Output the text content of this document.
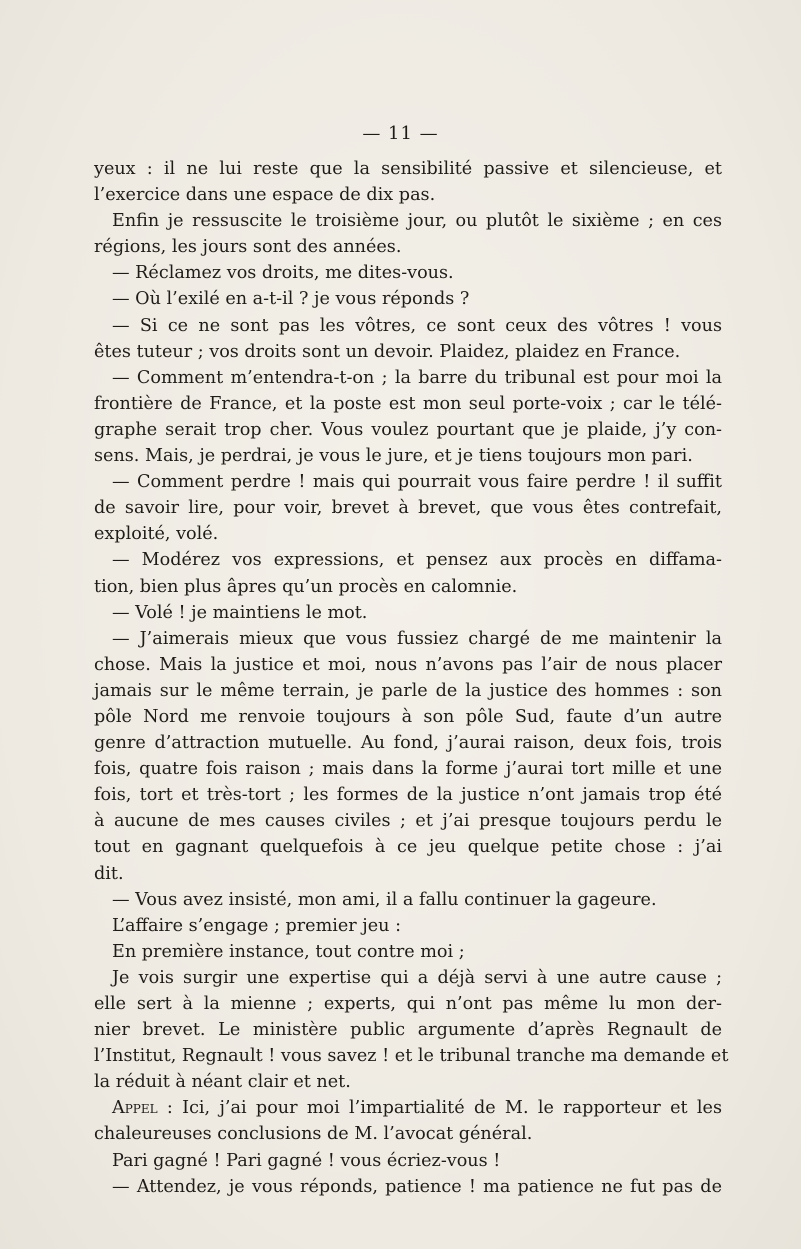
— 11 —
yeux : il ne lui reste que la sensibilité passive et silencieuse, et
l’exercice dans une espace de dix pas.
Enfin je ressuscite le troisième jour, ou plutôt le sixième ; en ces
régions, les jours sont des années.
— Réclamez vos droits, me dites-vous.
— Où l’exilé en a-t-il ? je vous réponds ?
— Si ce ne sont pas les vôtres, ce sont ceux des vôtres ! vous
êtes tuteur ; vos droits sont un devoir. Plaidez, plaidez en France.
— Comment m’entendra-t-on ; la barre du tribunal est pour moi la
frontière de France, et la poste est mon seul porte-voix ; car le télé-
graphe serait trop cher. Vous voulez pourtant que je plaide, j’y con-
sens. Mais, je perdrai, je vous le jure, et je tiens toujours mon pari.
— Comment perdre ! mais qui pourrait vous faire perdre ! il suffit
de savoir lire, pour voir, brevet à brevet, que vous êtes contrefait,
exploité, volé.
— Modérez vos expressions, et pensez aux procès en diffama-
tion, bien plus âpres qu’un procès en calomnie.
— Volé ! je maintiens le mot.
— J’aimerais mieux que vous fussiez chargé de me maintenir la
chose. Mais la justice et moi, nous n’avons pas l’air de nous placer
jamais sur le même terrain, je parle de la justice des hommes : son
pôle Nord me renvoie toujours à son pôle Sud, faute d’un autre
genre d’attraction mutuelle. Au fond, j’aurai raison, deux fois, trois
fois, quatre fois raison ; mais dans la forme j’aurai tort mille et une
fois, tort et très-tort ; les formes de la justice n’ont jamais trop été
à aucune de mes causes civiles ; et j’ai presque toujours perdu le
tout en gagnant quelquefois à ce jeu quelque petite chose : j’ai
dit.
— Vous avez insisté, mon ami, il a fallu continuer la gageure.
L’affaire s’engage ; premier jeu :
En première instance, tout contre moi ;
Je vois surgir une expertise qui a déjà servi à une autre cause ;
elle sert à la mienne ; experts, qui n’ont pas même lu mon der-
nier brevet. Le ministère public argumente d’après Regnault de
l’Institut, Regnault ! vous savez ! et le tribunal tranche ma demande et
la réduit à néant clair et net.
Appel : Ici, j’ai pour moi l’impartialité de M. le rapporteur et les
chaleureuses conclusions de M. l’avocat général.
Pari gagné ! Pari gagné ! vous écriez-vous !
— Attendez, je vous réponds, patience ! ma patience ne fut pas de
